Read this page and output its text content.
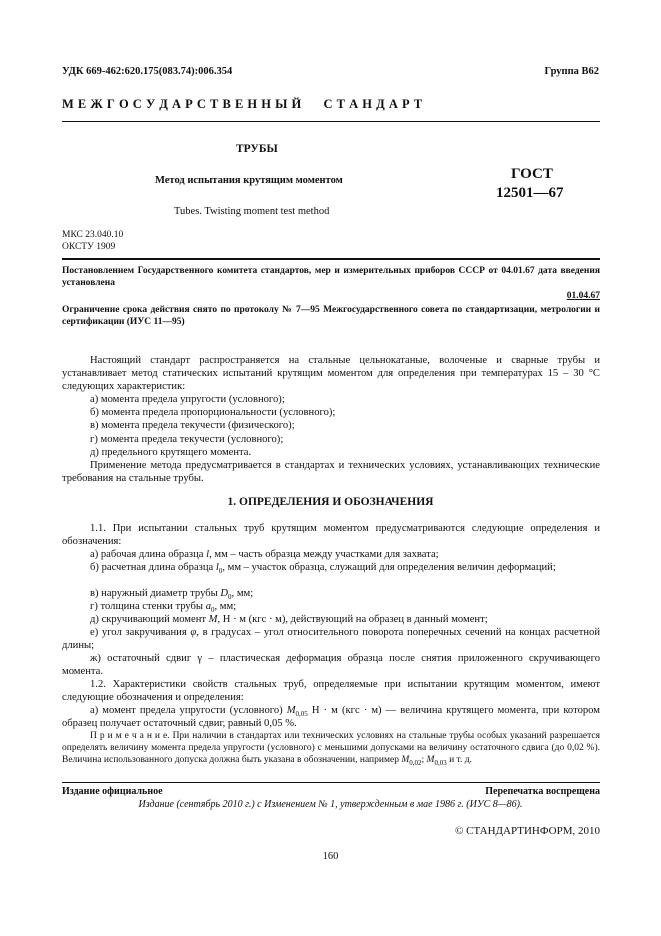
УДК 669-462:620.175(083.74):006.354	Группа В62
М Е Ж Г О С У Д А Р С Т В Е Н Н Ы Й      С Т А Н Д А Р Т
ТРУБЫ
Метод испытания крутящим моментом
Tubes. Twisting moment test method
ГОСТ
12501—67
МКС 23.040.10
ОКСТУ 1909
Постановлением Государственного комитета стандартов, мер и измерительных приборов СССР от 04.01.67 дата введения установлена
01.04.67
Ограничение срока действия снято по протоколу № 7—95 Межгосударственного совета по стандартизации, метрологии и сертификации (ИУС 11—95)
Настоящий стандарт распространяется на стальные цельнокатаные, волоченые и сварные трубы и устанавливает метод статических испытаний крутящим моментом для определения при температурах 15 – 30 °C следующих характеристик:
а) момента предела упругости (условного);
б) момента предела пропорциональности (условного);
в) момента предела текучести (физического);
г) момента предела текучести (условного);
д) предельного крутящего момента.
Применение метода предусматривается в стандартах и технических условиях, устанавливающих технические требования на стальные трубы.
1. ОПРЕДЕЛЕНИЯ И ОБОЗНАЧЕНИЯ
1.1. При испытании стальных труб крутящим моментом предусматриваются следующие определения и обозначения:
а) рабочая длина образца l, мм – часть образца между участками для захвата;
б) расчетная длина образца $l_0$, мм – участок образца, служащий для определения величин деформаций;
в) наружный диаметр трубы $D_0$, мм;
г) толщина стенки трубы $a_0$, мм;
д) скручивающий момент M, Н · м (кгс · м), действующий на образец в данный момент;
е) угол закручивания φ, в градусах – угол относительного поворота поперечных сечений на концах расчетной длины;
ж) остаточный сдвиг γ – пластическая деформация образца после снятия приложенного скручивающего момента.
1.2. Характеристики свойств стальных труб, определяемые при испытании крутящим моментом, имеют следующие обозначения и определения:
а) момент предела упругости (условного) $M_{0,05}$ Н · м (кгс · м) — величина крутящего момента, при котором образец получает остаточный сдвиг, равный 0,05 %.
П р и м е ч а н и е. При наличии в стандартах или технических условиях на стальные трубы особых указаний разрешается определять величину момента предела упругости (условного) с меньшими допусками на величину остаточного сдвига (до 0,02 %). Величина использованного допуска должна быть указана в обозначении, например $M_{0,02}$; $M_{0,03}$ и т. д.
Издание официальное	Перепечатка воспрещена
Издание (сентябрь 2010 г.) с Изменением № 1, утвержденным в мае 1986 г. (ИУС 8—86).
© СТАНДАРТИНФОРМ, 2010
160
